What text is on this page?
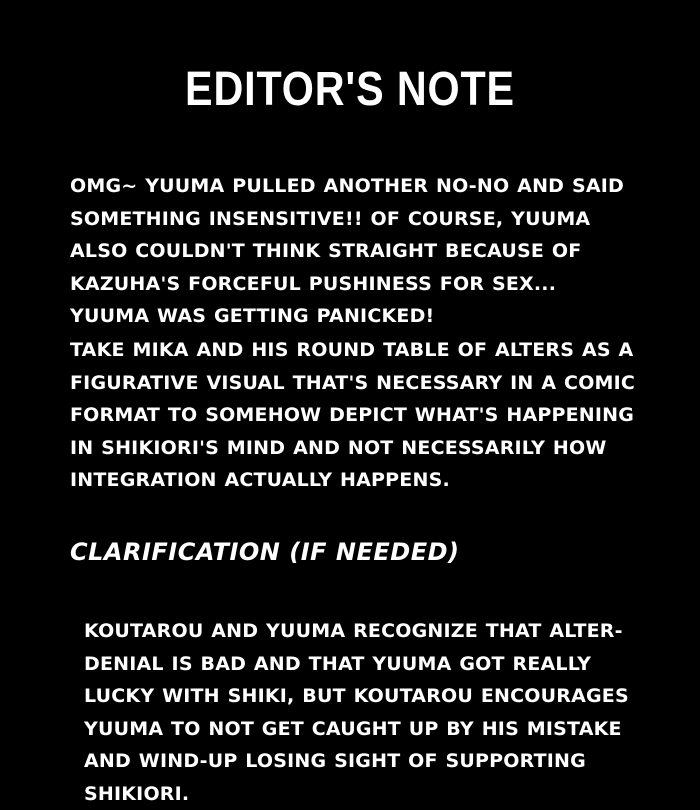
EDITOR'S NOTE
OMG~ YUUMA PULLED ANOTHER NO-NO AND SAID SOMETHING INSENSITIVE!! OF COURSE, YUUMA ALSO COULDN'T THINK STRAIGHT BECAUSE OF KAZUHA'S FORCEFUL PUSHINESS FOR SEX... YUUMA WAS GETTING PANICKED!
TAKE MIKA AND HIS ROUND TABLE OF ALTERS AS A FIGURATIVE VISUAL THAT'S NECESSARY IN A COMIC FORMAT TO SOMEHOW DEPICT WHAT'S HAPPENING IN SHIKIORI'S MIND AND NOT NECESSARILY HOW INTEGRATION ACTUALLY HAPPENS.
CLARIFICATION (IF NEEDED)
KOUTAROU AND YUUMA RECOGNIZE THAT ALTER-DENIAL IS BAD AND THAT YUUMA GOT REALLY LUCKY WITH SHIKI, BUT KOUTAROU ENCOURAGES YUUMA TO NOT GET CAUGHT UP BY HIS MISTAKE AND WIND-UP LOSING SIGHT OF SUPPORTING SHIKIORI.
